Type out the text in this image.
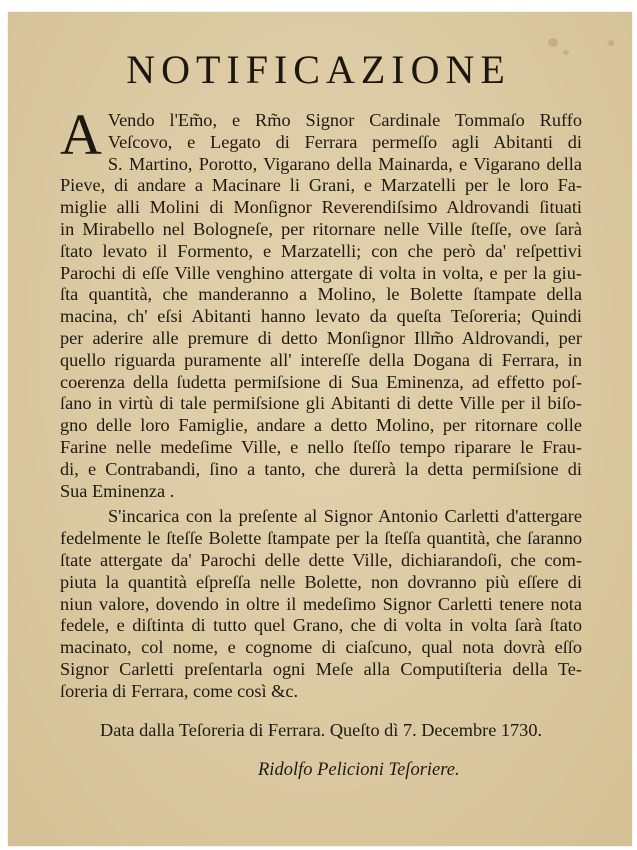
NOTIFICAZIONE
A Vendo l'Em̃o, e Rm̃o Signor Cardinale Tommaſo Ruffo
Veſcovo, e Legato di Ferrara permeſſo agli Abitanti di
S. Martino, Porotto, Vigarano della Mainarda, e Vigarano della
Pieve, di andare a Macinare li Grani, e Marzatelli per le loro Fa-
miglie alli Molini di Monſignor Reverendiſsimo Aldrovandi ſituati
in Mirabello nel Bologneſe, per ritornare nelle Ville ſteſſe, ove ſarà
ſtato levato il Formento, e Marzatelli; con che però da' reſpettivi
Parochi di eſſe Ville venghino attergate di volta in volta, e per la giu-
ſta quantità, che manderanno a Molino, le Bolette ſtampate della
macina, ch' eſsi Abitanti hanno levato da queſta Teſoreria; Quindi
per aderire alle premure di detto Monſignor Illm̃o Aldrovandi, per
quello riguarda puramente all' intereſſe della Dogana di Ferrara, in
coerenza della ſudetta permiſsione di Sua Eminenza, ad effetto poſ-
ſano in virtù di tale permiſsione gli Abitanti di dette Ville per il biſo-
gno delle loro Famiglie, andare a detto Molino, per ritornare colle
Farine nelle medeſime Ville, e nello ſteſſo tempo riparare le Frau-
di, e Contrabandi, ſino a tanto, che durerà la detta permiſsione di
Sua Eminenza .
S'incarica con la preſente al Signor Antonio Carletti d'attergare
fedelmente le ſteſſe Bolette ſtampate per la ſteſſa quantità, che ſaranno
ſtate attergate da' Parochi delle dette Ville, dichiarandoſi, che com-
piuta la quantità eſpreſſa nelle Bolette, non dovranno più eſſere di
niun valore, dovendo in oltre il medeſimo Signor Carletti tenere nota
fedele, e diſtinta di tutto quel Grano, che di volta in volta ſarà ſtato
macinato, col nome, e cognome di ciaſcuno, qual nota dovrà eſſo
Signor Carletti preſentarla ogni Meſe alla Computiſteria della Te-
ſoreria di Ferrara, come così &c.
Data dalla Teſoreria di Ferrara. Queſto dì 7. Decembre 1730.
Ridolfo Pelicioni Teſoriere.
